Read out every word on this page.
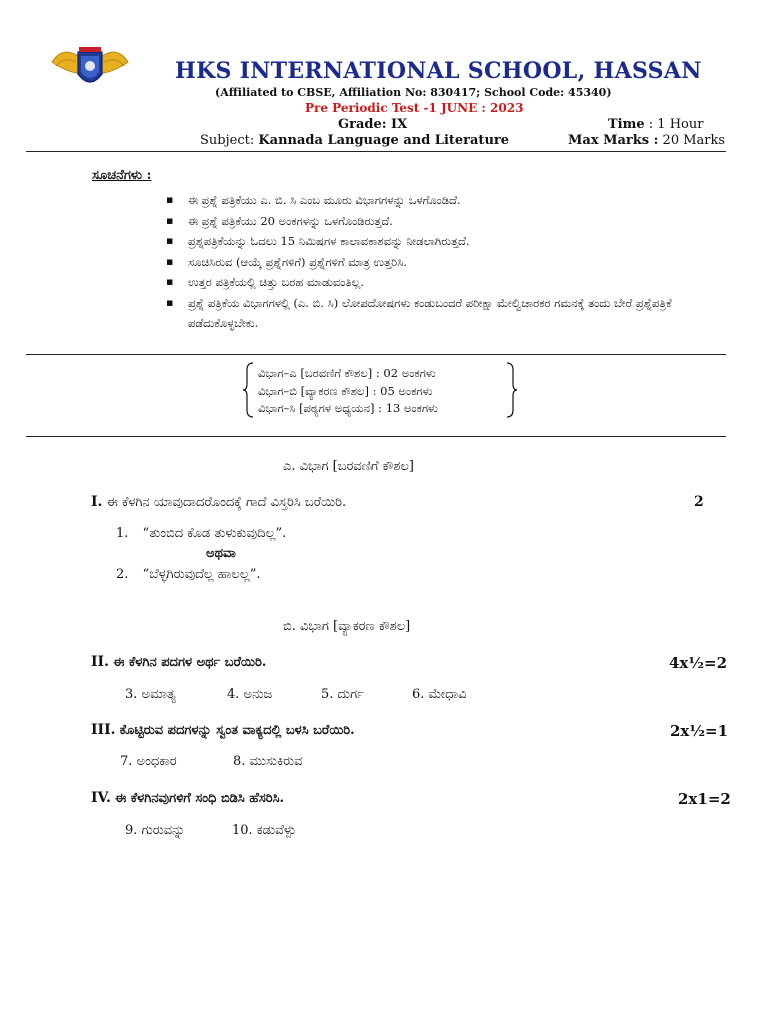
HKS INTERNATIONAL SCHOOL, HASSAN
(Affiliated to CBSE, Affiliation No: 830417; School Code: 45340)
Pre Periodic Test -1 JUNE : 2023
Grade: IX	Time : 1 Hour
Subject: Kannada Language and Literature	Max Marks : 20 Marks
ಸೂಚನೆಗಳು :
▪ ಈ ಪ್ರಶ್ನೆ ಪತ್ರಿಕೆಯು ಎ. ಬಿ. ಸಿ ಎಂಬ ಮೂರು ವಿಭಾಗಗಳನ್ನು ಒಳಗೊಂಡಿದೆ.
▪ ಈ ಪ್ರಶ್ನೆ ಪತ್ರಿಕೆಯು 20 ಅಂಕಗಳನ್ನು ಒಳಗೊಂಡಿರುತ್ತದೆ.
▪ ಪ್ರಶ್ನಪತ್ರಿಕೆಯನ್ನು ಓದಲು 15 ನಿಮಿಷಗಳ ಕಾಲಾವಕಾಶವನ್ನು ನೀಡಲಾಗಿರುತ್ತದೆ.
▪ ಸೂಚಿಸಿರುವ (ಆಯ್ಕೆ ಪ್ರಶ್ನೆಗಳಿಗೆ) ಪ್ರಶ್ನೆಗಳಿಗೆ ಮಾತ್ರ ಉತ್ತರಿಸಿ.
▪ ಉತ್ತರ ಪತ್ರಿಕೆಯಲ್ಲಿ ಚಿತ್ತು ಬರಹ ಮಾಡುವಂತಿಲ್ಲ.
▪ ಪ್ರಶ್ನೆ ಪತ್ರಿಕೆಯ ವಿಭಾಗಗಳಲ್ಲಿ (ಎ. ಬಿ. ಸಿ) ಲೋಪದೋಷಗಳು ಕಂಡುಬಂದರೆ ಪರೀಕ್ಷಾ ಮೇಲ್ವಿಚಾರಕರ ಗಮನಕ್ಕೆ ತಂದು ಬೇರೆ ಪ್ರಶ್ನೆಪತ್ರಿಕೆ ಪಡೆದುಕೊಳ್ಳಬೇಕು.
ವಿಭಾಗ–ಎ [ಬರವಣಿಗೆ ಕೌಶಲ] : 02 ಅಂಕಗಳು
ವಿಭಾಗ–ಬಿ [ವ್ಯಾಕರಣ ಕೌಶಲ] : 05 ಅಂಕಗಳು
ವಿಭಾಗ–ಸಿ [ಪಠ್ಯಗಳ ಅಧ್ಯಯನ] : 13 ಅಂಕಗಳು
ಎ. ವಿಭಾಗ [ಬರವಣಿಗೆ ಕೌಶಲ]
I. ಈ ಕೆಳಗಿನ ಯಾವುದಾದರೊಂದಕ್ಕೆ ಗಾದೆ ವಿಸ್ತರಿಸಿ ಬರೆಯಿರಿ.	2
1. “ತುಂಬಿದ ಕೊಡ ತುಳುಕುವುದಿಲ್ಲ”.
ಅಥವಾ
2. “ಬೆಳ್ಳಗಿರುವುದೆಲ್ಲ ಹಾಲಲ್ಲ”.
ಬಿ. ವಿಭಾಗ [ವ್ಯಾಕರಣ ಕೌಶಲ]
II. ಈ ಕೆಳಗಿನ ಪದಗಳ ಅರ್ಥ ಬರೆಯಿರಿ.	4x½=2
3. ಅಮಾತ್ಯ	4. ಅನುಜ	5. ದುರ್ಗ	6. ಮೇಧಾವಿ
III. ಕೊಟ್ಟಿರುವ ಪದಗಳನ್ನು ಸ್ವಂತ ವಾಕ್ಯದಲ್ಲಿ ಬಳಸಿ ಬರೆಯಿರಿ.	2x½=1
7. ಅಂಧಕಾರ	8. ಮುಸುಕಿರುವ
IV. ಈ ಕೆಳಗಿನವುಗಳಿಗೆ ಸಂಧಿ ಬಿಡಿಸಿ ಹೆಸರಿಸಿ.	2x1=2
9. ಗುರುವನ್ನು	10. ಕಡುವೆಳ್ಪು
